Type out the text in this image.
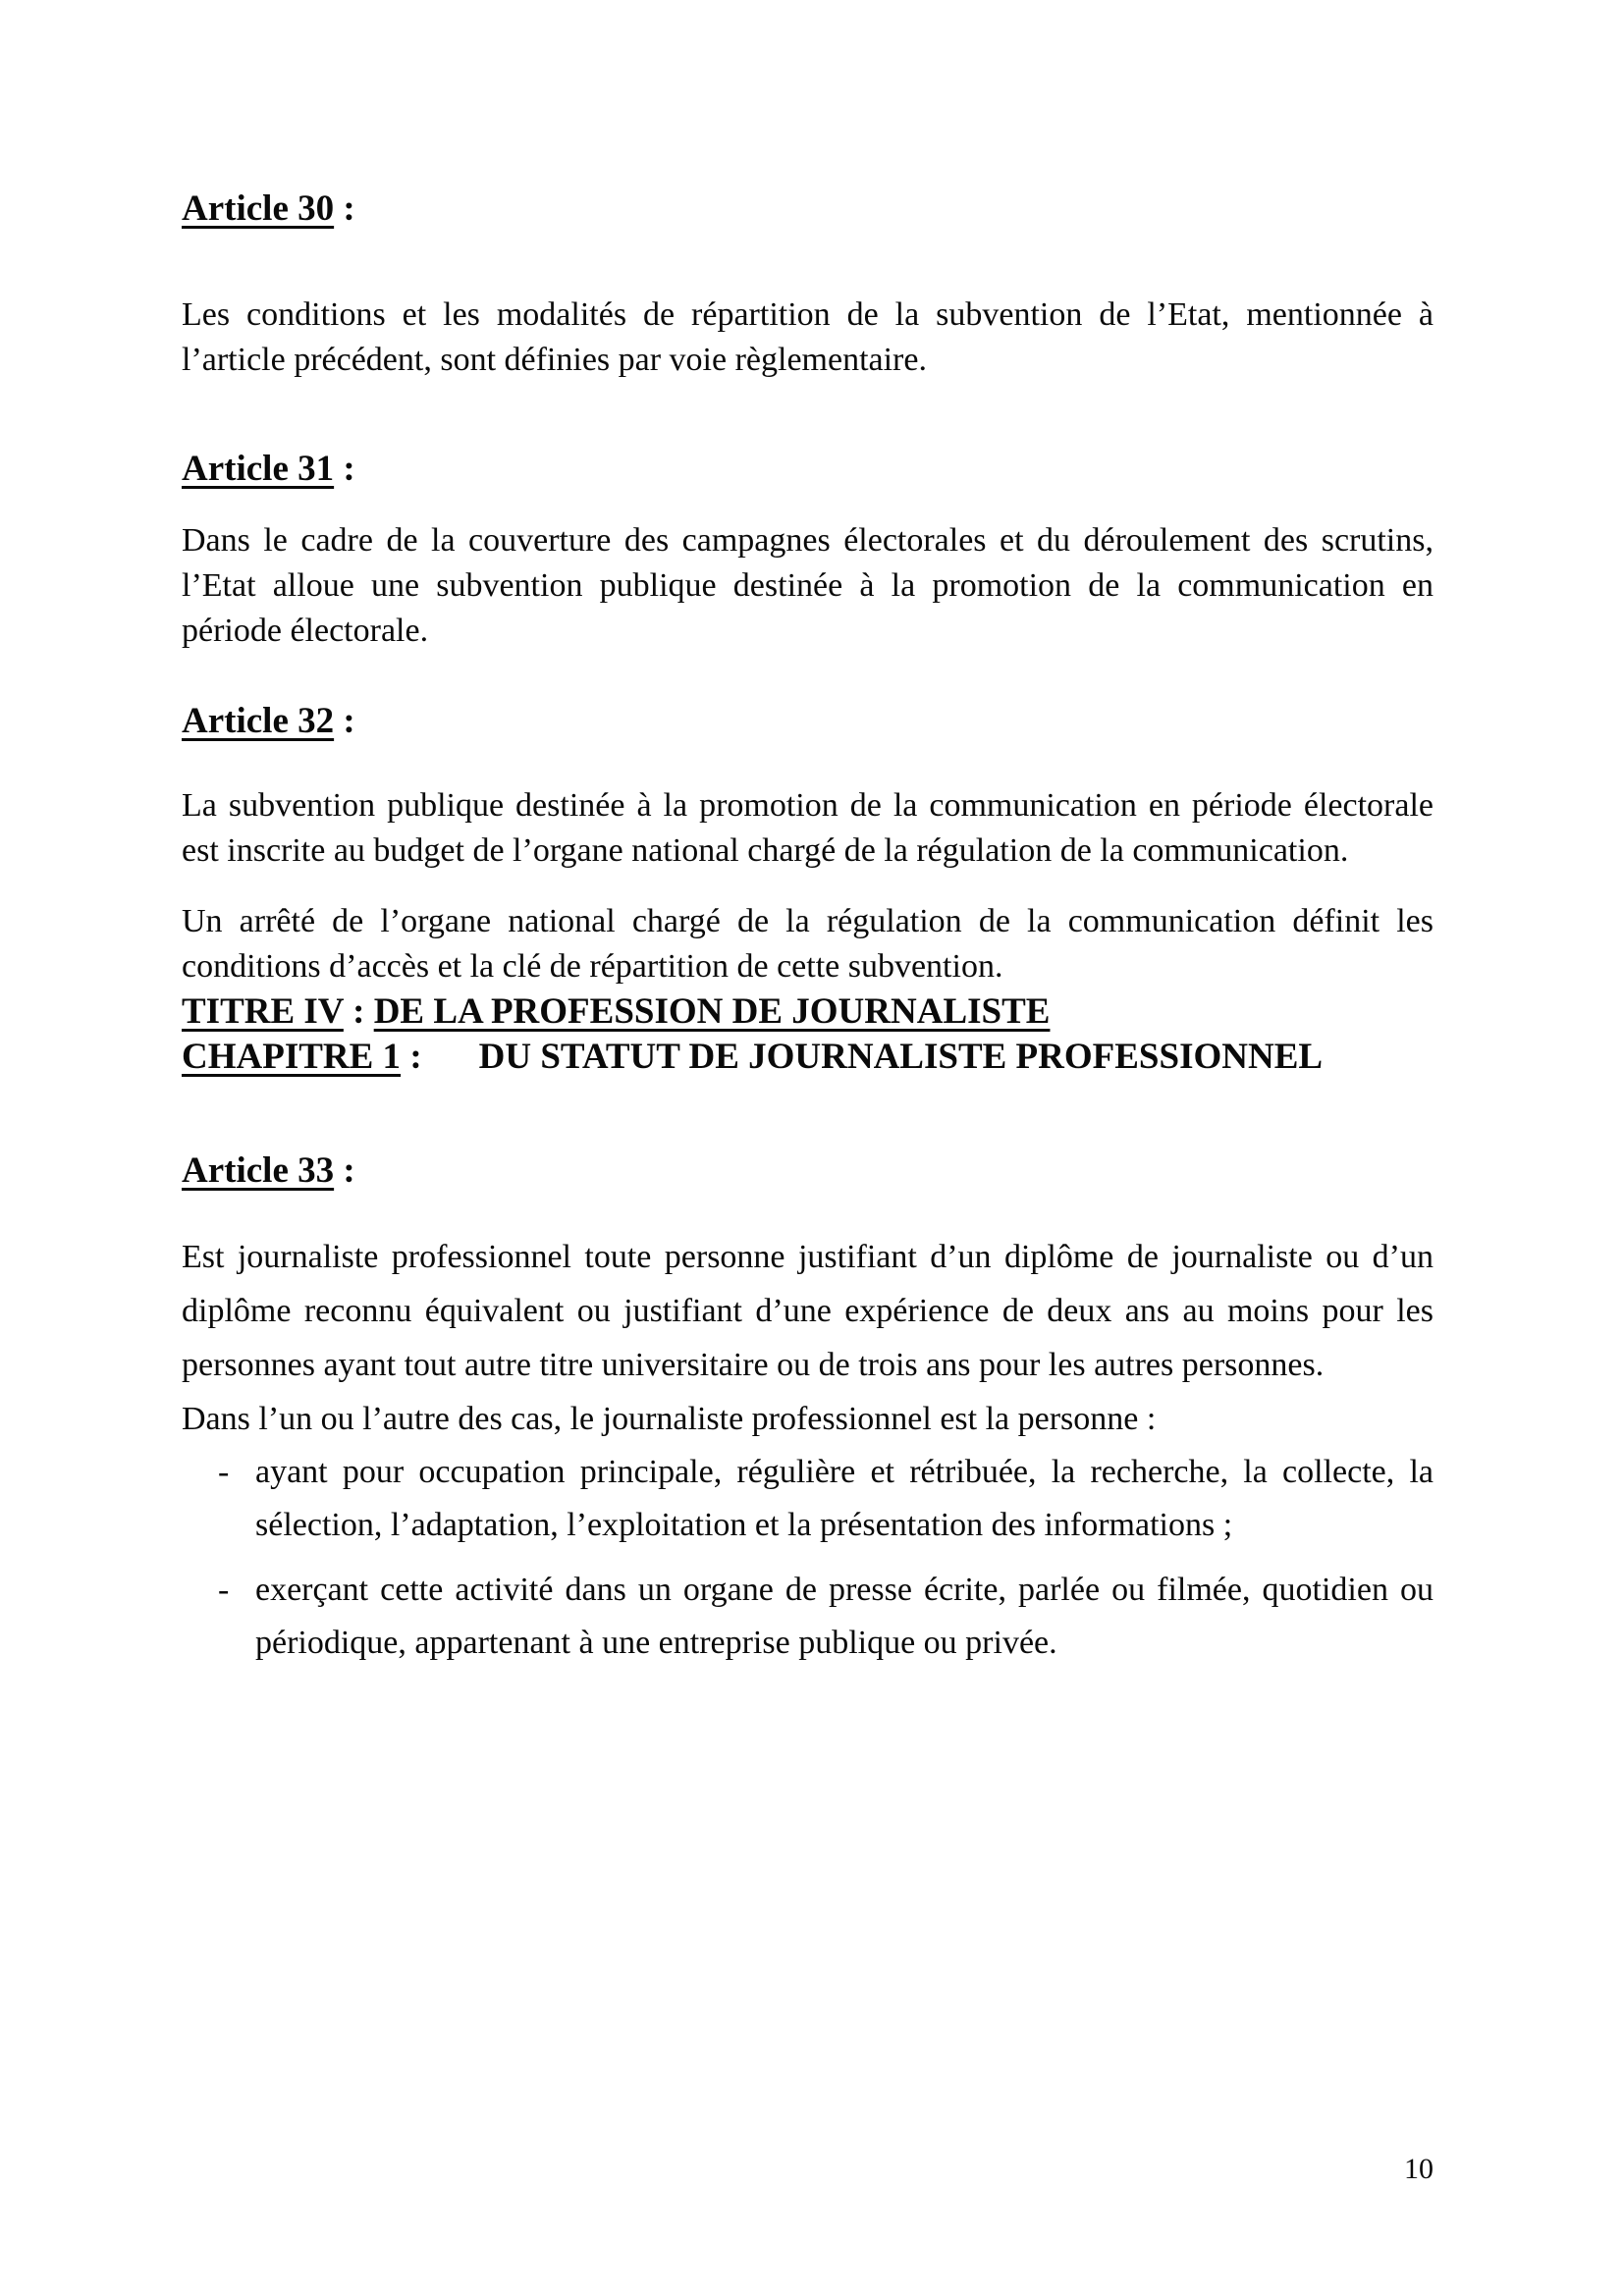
Article 30 :

Les conditions et les modalités de répartition de la subvention de l’Etat, mentionnée à l’article précédent, sont définies par voie règlementaire.

Article 31 :

Dans le cadre de la couverture des campagnes électorales et du déroulement des scrutins, l’Etat alloue une subvention publique destinée à la promotion de la communication en période électorale.

Article 32 :

La subvention publique destinée à la promotion de la communication en période électorale est inscrite au budget de l’organe national chargé de la régulation de la communication.

Un arrêté de l’organe national chargé de la régulation de la communication définit les conditions d’accès et la clé de répartition de cette subvention.

TITRE IV : DE LA PROFESSION DE JOURNALISTE
CHAPITRE 1 : DU STATUT DE JOURNALISTE PROFESSIONNEL
Article 33 :

Est journaliste professionnel toute personne justifiant d’un diplôme de journaliste ou d’un diplôme reconnu équivalent ou justifiant d’une expérience de deux ans au moins pour les personnes ayant tout autre titre universitaire ou de trois ans pour les autres personnes.

Dans l’un ou l’autre des cas, le journaliste professionnel est la personne :

- ayant pour occupation principale, régulière et rétribuée, la recherche, la collecte, la sélection, l’adaptation, l’exploitation et la présentation des informations ;
- exerçant cette activité dans un organe de presse écrite, parlée ou filmée, quotidien ou périodique, appartenant à une entreprise publique ou privée.
10
